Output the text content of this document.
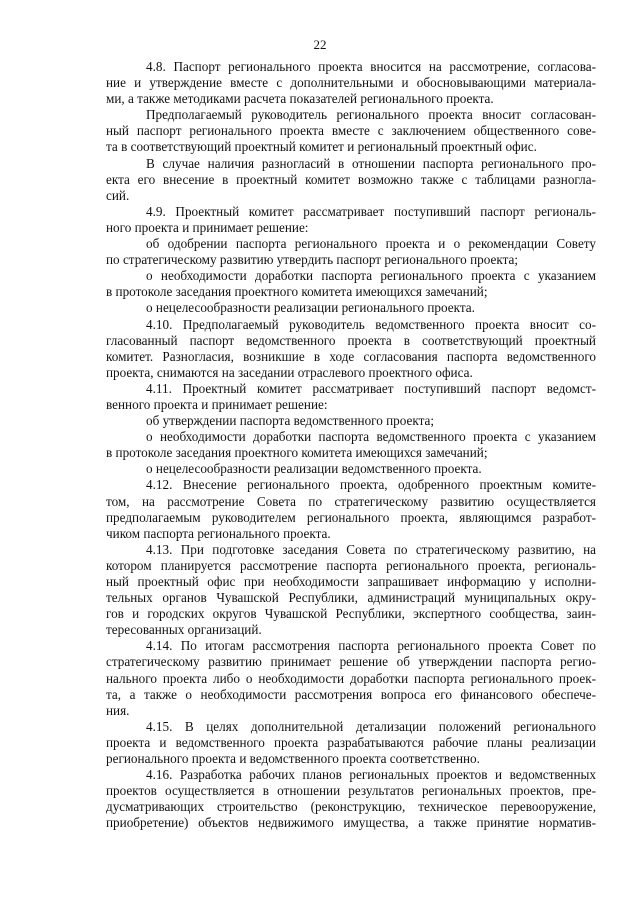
22
4.8. Паспорт регионального проекта вносится на рассмотрение, согласова-
ние и утверждение вместе с дополнительными и обосновывающими материала-
ми, а также методиками расчета показателей регионального проекта.
Предполагаемый руководитель регионального проекта вносит согласован-
ный паспорт регионального проекта вместе с заключением общественного сове-
та в соответствующий проектный комитет и региональный проектный офис.
В случае наличия разногласий в отношении паспорта регионального про-
екта его внесение в проектный комитет возможно также с таблицами разногла-
сий.
4.9. Проектный комитет рассматривает поступивший паспорт региональ-
ного проекта и принимает решение:
об одобрении паспорта регионального проекта и о рекомендации Совету
по стратегическому развитию утвердить паспорт регионального проекта;
о необходимости доработки паспорта регионального проекта с указанием
в протоколе заседания проектного комитета имеющихся замечаний;
о нецелесообразности реализации регионального проекта.
4.10. Предполагаемый руководитель ведомственного проекта вносит со-
гласованный паспорт ведомственного проекта в соответствующий проектный
комитет. Разногласия, возникшие в ходе согласования паспорта ведомственного
проекта, снимаются на заседании отраслевого проектного офиса.
4.11. Проектный комитет рассматривает поступивший паспорт ведомст-
венного проекта и принимает решение:
об утверждении паспорта ведомственного проекта;
о необходимости доработки паспорта ведомственного проекта с указанием
в протоколе заседания проектного комитета имеющихся замечаний;
о нецелесообразности реализации ведомственного проекта.
4.12. Внесение регионального проекта, одобренного проектным комите-
том, на рассмотрение Совета по стратегическому развитию осуществляется
предполагаемым руководителем регионального проекта, являющимся разработ-
чиком паспорта регионального проекта.
4.13. При подготовке заседания Совета по стратегическому развитию, на
котором планируется рассмотрение паспорта регионального проекта, региональ-
ный проектный офис при необходимости запрашивает информацию у исполни-
тельных органов Чувашской Республики, администраций муниципальных окру-
гов и городских округов Чувашской Республики, экспертного сообщества, заин-
тересованных организаций.
4.14. По итогам рассмотрения паспорта регионального проекта Совет по
стратегическому развитию принимает решение об утверждении паспорта регио-
нального проекта либо о необходимости доработки паспорта регионального проек-
та, а также о необходимости рассмотрения вопроса его финансового обеспече-
ния.
4.15. В целях дополнительной детализации положений регионального
проекта и ведомственного проекта разрабатываются рабочие планы реализации
регионального проекта и ведомственного проекта соответственно.
4.16. Разработка рабочих планов региональных проектов и ведомственных
проектов осуществляется в отношении результатов региональных проектов, пре-
дусматривающих строительство (реконструкцию, техническое перевооружение,
приобретение) объектов недвижимого имущества, а также принятие норматив-
